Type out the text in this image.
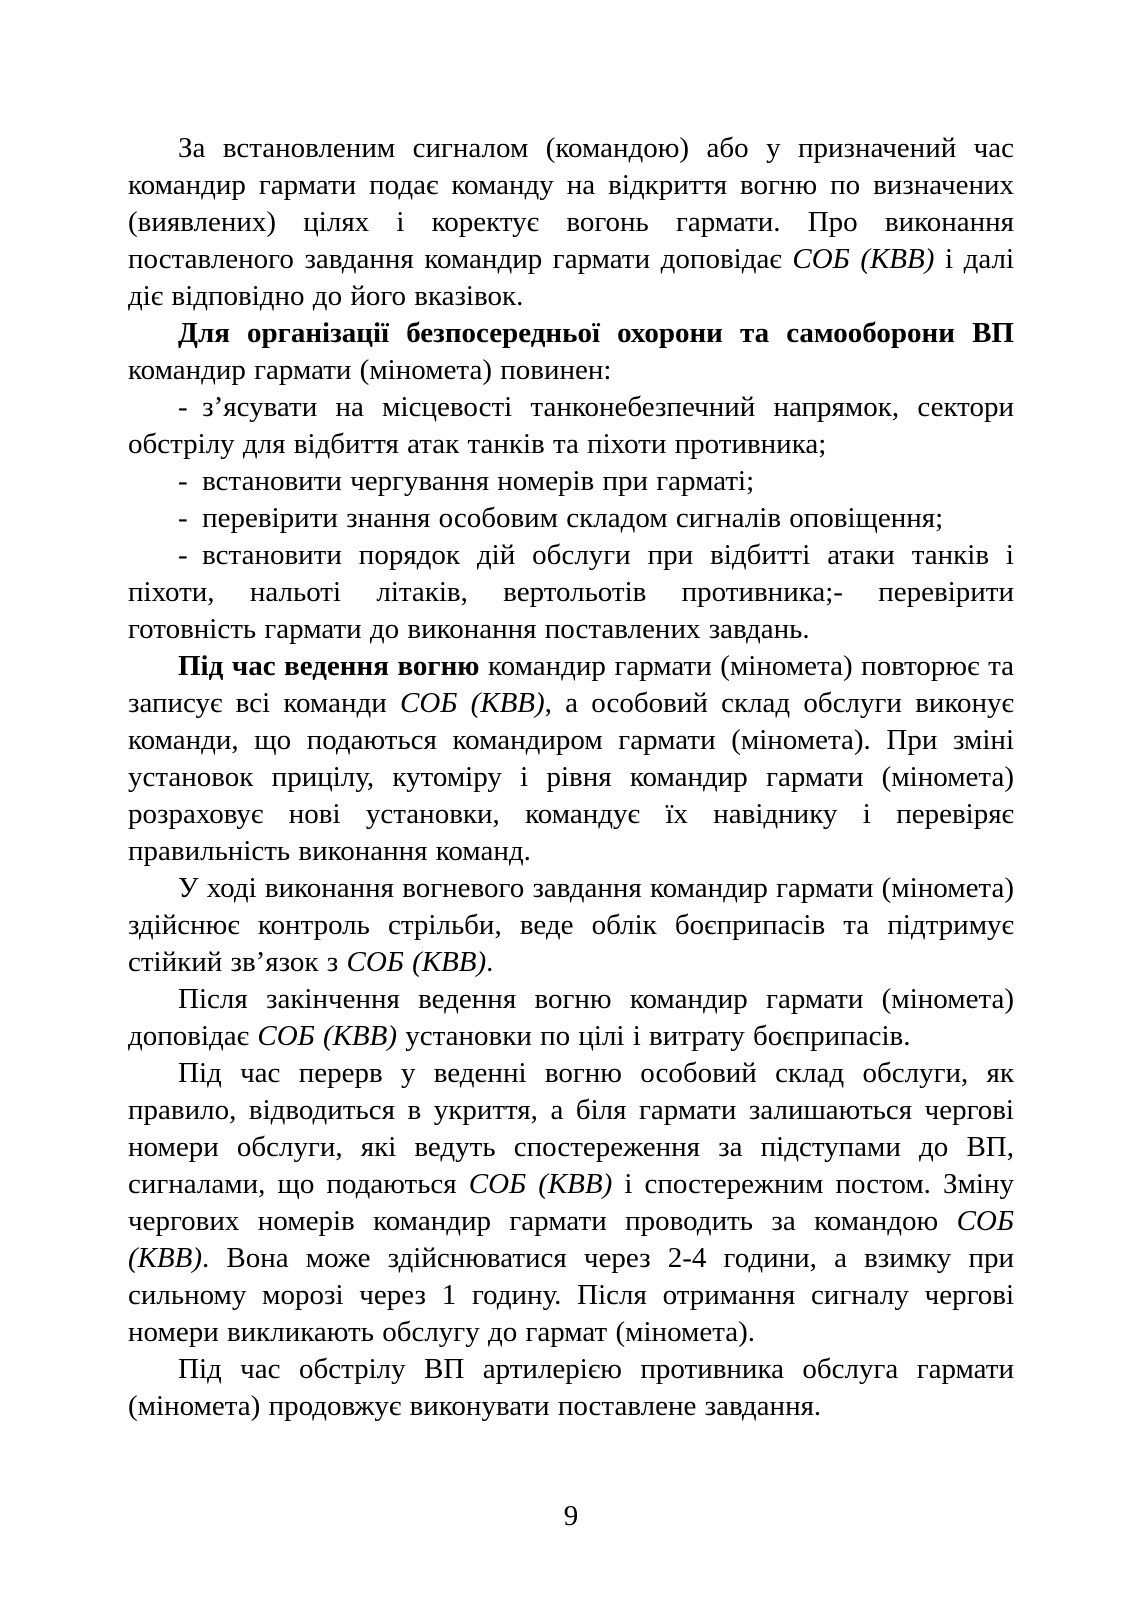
За встановленим сигналом (командою) або у призначений час командир гармати подає команду на відкриття вогню по визначених (виявлених) цілях і коректує вогонь гармати. Про виконання поставленого завдання командир гармати доповідає СОБ (КВВ) і далі діє відповідно до його вказівок.

Для організації безпосередньої охорони та самооборони ВП командир гармати (міномета) повинен:

- з’ясувати на місцевості танконебезпечний напрямок, сектори обстрілу для відбиття атак танків та піхоти противника;

- встановити чергування номерів при гарматі;

- перевірити знання особовим складом сигналів оповіщення;

- встановити порядок дій обслуги при відбитті атаки танків і піхоти, нальоті літаків, вертольотів противника;- перевірити готовність гармати до виконання поставлених завдань.

Під час ведення вогню командир гармати (міномета) повторює та записує всі команди СОБ (КВВ), а особовий склад обслуги виконує команди, що подаються командиром гармати (міномета). При зміні установок прицілу, кутоміру і рівня командир гармати (міномета) розраховує нові установки, командує їх навіднику і перевіряє правильність виконання команд.

У ході виконання вогневого завдання командир гармати (міномета) здійснює контроль стрільби, веде облік боєприпасів та підтримує стійкий зв’язок з СОБ (КВВ).

Після закінчення ведення вогню командир гармати (міномета) доповідає СОБ (КВВ) установки по цілі і витрату боєприпасів.

Під час перерв у веденні вогню особовий склад обслуги, як правило, відводиться в укриття, а біля гармати залишаються чергові номери обслуги, які ведуть спостереження за підступами до ВП, сигналами, що подаються СОБ (КВВ) і спостережним постом. Зміну чергових номерів командир гармати проводить за командою СОБ (КВВ). Вона може здійснюватися через 2-4 години, а взимку при сильному морозі через 1 годину. Після отримання сигналу чергові номери викликають обслугу до гармат (міномета).

Під час обстрілу ВП артилерією противника обслуга гармати (міномета) продовжує виконувати поставлене завдання.

9
